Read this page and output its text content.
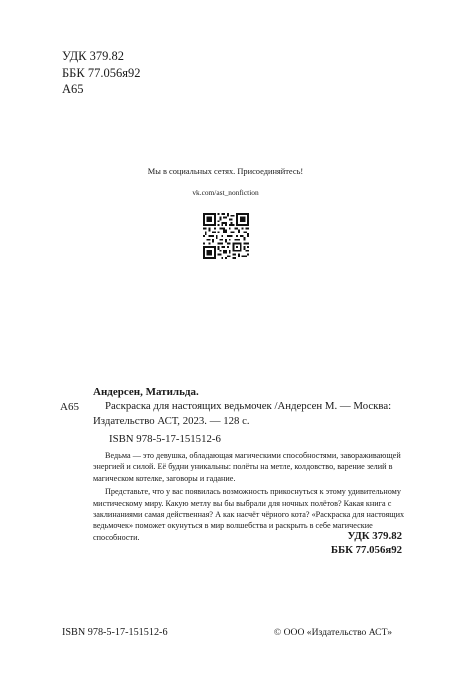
УДК 379.82
ББК 77.056я92
А65
Мы в социальных сетях. Присоединяйтесь!
vk.com/ast_nonfiction
А65
Андерсен, Матильда.
Раскраска для настоящих ведьмочек /Андерсен М. — Москва: Издательство АСТ, 2023. — 128 с.
ISBN 978-5-17-151512-6

Ведьма — это девушка, обладающая магическими способностями, завораживающей энергией и силой. Её будни уникальны: полёты на метле, колдовство, варение зелий в магическом котелке, заговоры и гадание.

Представьте, что у вас появилась возможность прикоснуться к этому удивительному мистическому миру. Какую метлу вы бы выбрали для ночных полётов? Какая книга с заклинаниями самая действенная? А как насчёт чёрного кота? «Раскраска для настоящих ведьмочек» поможет окунуться в мир волшебства и раскрыть в себе магические способности.	УДК 379.82
ББК 77.056я92
ISBN 978-5-17-151512-6	© ООО «Издательство АСТ»
